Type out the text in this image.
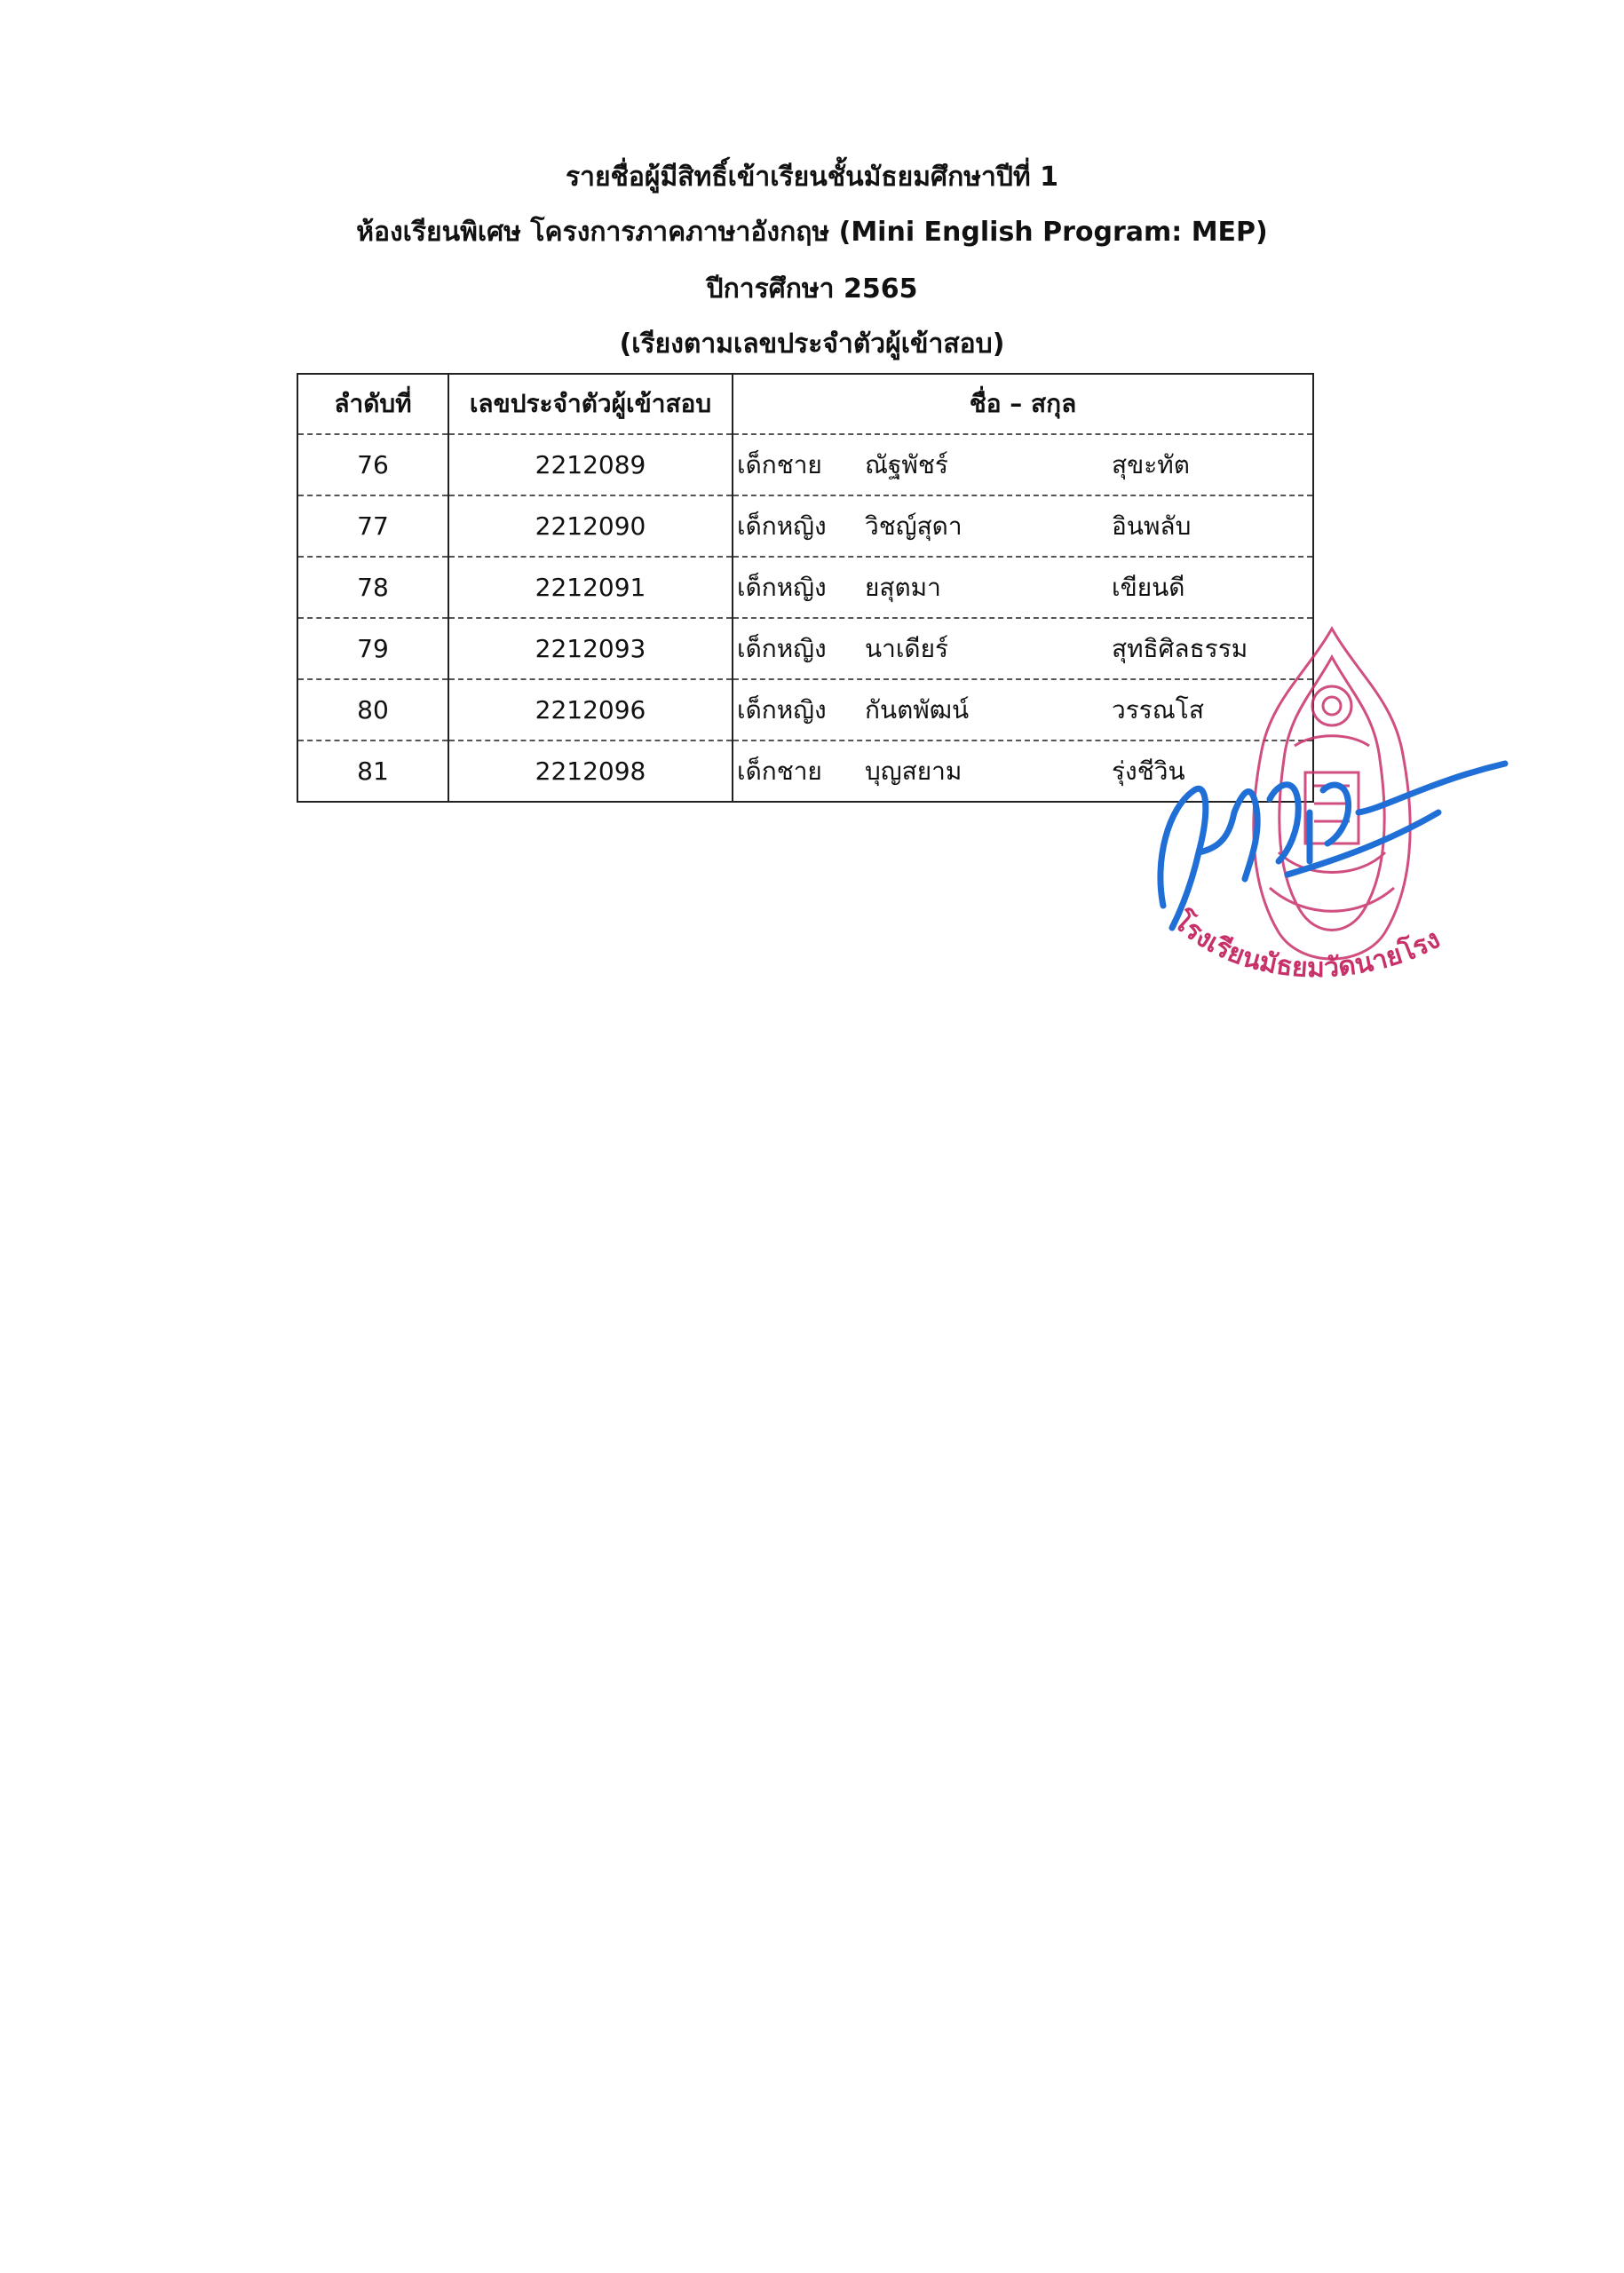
รายชื่อผู้มีสิทธิ์เข้าเรียนชั้นมัธยมศึกษาปีที่ 1
ห้องเรียนพิเศษ โครงการภาคภาษาอังกฤษ (Mini English Program: MEP)
ปีการศึกษา 2565
(เรียงตามเลขประจำตัวผู้เข้าสอบ)
ลำดับที่	เลขประจำตัวผู้เข้าสอบ	ชื่อ – สกุล
76	2212089	เด็กชาย ณัฐพัชร์ สุขะทัต

77	2212090	เด็กหญิง วิชญ์สุดา อินพลับ

78	2212091	เด็กหญิง ยสุตมา เขียนดี

79	2212093	เด็กหญิง นาเดียร์ สุทธิศิลธรรม

80	2212096	เด็กหญิง กันตพัฒน์ วรรณโส

81	2212098	เด็กชาย บุญสยาม รุ่งชีวิน
โรงเรียนมัธยมวัดนายโรง
